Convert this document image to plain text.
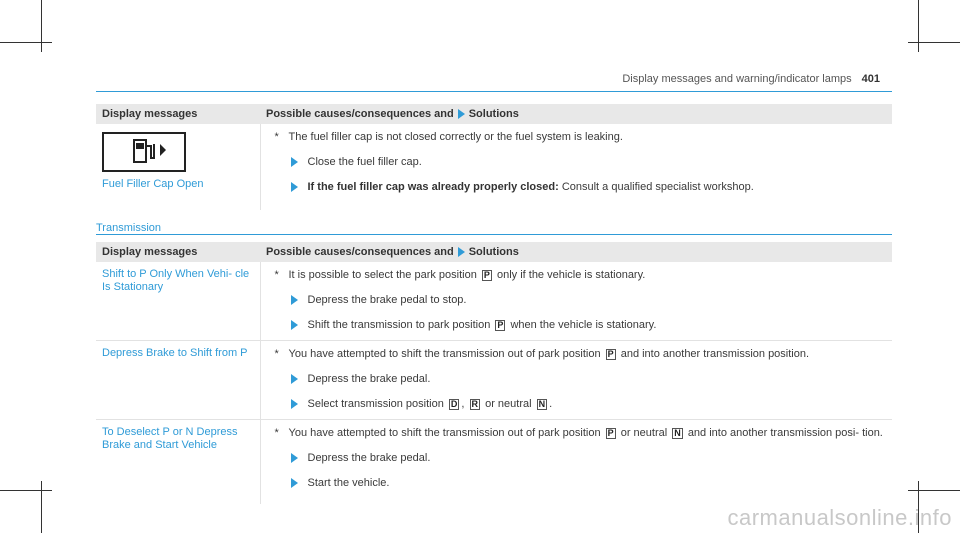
Display messages and warning/indicator lamps 401
Display messages	Possible causes/consequences and Solutions

Fuel Filler Cap Open	* The fuel filler cap is not closed correctly or the fuel system is leaking.
Close the fuel filler cap.
If the fuel filler cap was already properly closed: Consult a qualified specialist workshop.
Transmission
Display messages	Possible causes/consequences and Solutions
Shift to P Only When Vehi- cle Is Stationary	* It is possible to select the park position P only if the vehicle is stationary.
Depress the brake pedal to stop.
Shift the transmission to park position P when the vehicle is stationary.

Depress Brake to Shift from P	* You have attempted to shift the transmission out of park position P and into another transmission position.
Depress the brake pedal.
Select transmission position D , R or neutral N .

To Deselect P or N Depress Brake and Start Vehicle	* You have attempted to shift the transmission out of park position P or neutral N and into another transmission posi- tion.
Depress the brake pedal.
Start the vehicle.
carmanualsonline.info
